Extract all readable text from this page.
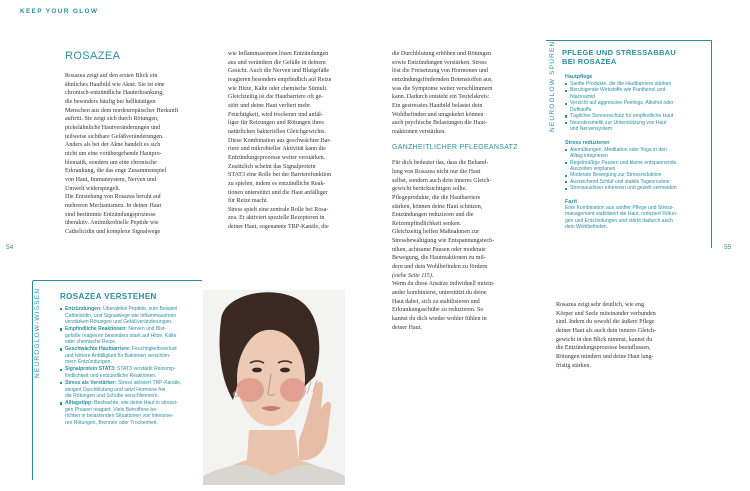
KEEP YOUR GLOW
54	55
ROSAZEA

Rosazea zeigt auf den ersten Blick ein

ähnliches Hautbild wie Akne. Sie ist eine

chronisch-entzündliche Hauterkrankung,

die besonders häufig bei hellhäutigen

Menschen aus dem nordeuropäischer Herkunft

auftritt. Sie zeigt sich durch Rötungen,

pickelähnliche Hautveränderungen und

teilweise sichtbare Gefäßveränderungen.

Anders als bei der Akne handelt es sich

nicht um eine vorübergehende Hautpro-

blematik, sondern um eine chronische

Erkrankung, die das enge Zusammenspiel

von Haut, Immunsystem, Nerven und

Umwelt widerspiegelt.

Die Entstehung von Rosazea beruht auf

mehreren Mechanismen. In deiner Haut

sind bestimmte Entzündungsprozesse

überaktiv. Antimikrobielle Peptide wie

Cathelicidin und komplexe Signalwege

wie Inflammasomen lösen Entzündungen

aus und verändern die Gefäße in deinem

Gesicht. Auch die Nerven und Blutgefäße

reagieren besonders empfindlich auf Reize

wie Hitze, Kälte oder chemische Stimuli.

Gleichzeitig ist die Hautbarriere oft ge-

stört und deine Haut verliert mehr

Feuchtigkeit, wird trockener und anfäl-

liger für Reizungen und Rötungen ihres

natürlichen bakteriellen Gleichgewichts.

Diese Kombination aus geschwächter Bar-

riere und mikrobieller Aktivität kann die

Entzündungsprozesse weiter verstärken.

Zusätzlich scheint das Signalprotein

STAT3 eine Rolle bei der Barrierefunktion

zu spielen, indem es entzündliche Reak-

tionen unterstützt und die Haut anfälliger

für Reize macht.

Stress spielt eine zentrale Rolle bei Rosa-

zea. Er aktiviert spezielle Rezeptoren in

deiner Haut, sogenannte TRP-Kanäle, die

die Durchblutung erhöhen und Rötungen

sowie Entzündungen verstärken. Stress

löst die Freisetzung von Hormonen und

entzündungsfördernden Botenstoffen aus,

was die Symptome weiter verschlimmern

kann. Dadurch entsteht ein Teufelskreis:

Ein gestresstes Hautbild belastet dein

Wohlbefinden und umgekehrt können

auch psychische Belastungen die Haut-

reaktionen verstärken.

GANZHEITLICHER PFLEGEANSATZ

Für dich bedeutet das, dass die Behand-

lung von Rosazea nicht nur die Haut

selbst, sondern auch dein inneres Gleich-

gewicht berücksichtigen sollte.

Pflegeprodukte, die die Hautbarriere

stärken, können deine Haut schützen,

Entzündungen reduzieren und die

Reizempfindlichkeit senken.

Gleichzeitig helfen Maßnahmen zur

Stressbewältigung wie Entspannungstech-

niken, achtsame Pausen oder moderate

Bewegung, die Hautreaktionen zu mil-

dern und dein Wohlbefinden zu fördern

(siehe Seite 115).

Wenn du diese Ansätze individuell mitein-

ander kombinierst, unterstützt du deine

Haut dabei, sich zu stabilisieren und

Erkrankungsschübe zu reduzieren. So

kannst du dich wieder wohler fühlen in

deiner Haut.

Rosazea zeigt sehr deutlich, wie eng

Körper und Seele miteinander verbunden

sind. Indem du sowohl die äußere Pflege

deiner Haut als auch dein inneres Gleich-

gewicht in den Blick nimmst, kannst du

die Entzündungsprozesse beeinflussen,

Rötungen mindern und deine Haut lang-

fristig stärken.

NEUROGLOW-WISSEN ROSAZEA VERSTEHEN
Entzündungen: Überaktive Peptide, zum Beispiel
Cathelicidin, und Signalwege wie Inflammasomen
verstärken Rötungen und Gefäßveränderungen.
Empfindliche Reaktionen: Nerven und Blut-
gefäße reagieren besonders stark auf Hitze, Kälte
oder chemische Reize.
Geschwächte Hautbarriere: Feuchtigkeitsverlust
und höhere Anfälligkeit für Bakterien verschlim-
mern Entzündungen.
Signalprotein STAT3: STAT3 verstärkt Reizemp-
findlichkeit und entzündliche Reaktionen.
Stress als Verstärker: Stress aktiviert TRP-Kanäle,
steigert Durchblutung und setzt Hormone frei,
die Rötungen und Schübe verschlimmern.
Alltagstipp: Beobachte, wie deine Haut in stressi-
gen Phasen reagiert. Viele Betroffene be-
richten in belastenden Situationen von intensive-
ren Rötungen, Brennen oder Trockenheit.
NEUROGLOW SPÜREN PFLEGE UND STRESSABBAU
BEI ROSAZEA
Hautpflege
Sanfte Produkte, die die Hautbarriere stärken
Beruhigende Wirkstoffe wie Panthenol und
Niacinamid
Verzicht auf aggressive Peelings, Alkohol oder
Duftstoffe
Täglicher Sonnenschutz für empfindliche Haut
Neurokosmetik zur Unterstützung von Haut
und Nervensystem
Stress reduzieren
Atemübungen, Meditation oder Yoga in den
Alltag integrieren
Regelmäßige Pausen und kleine entspannende
Auszeiten einplanen
Moderate Bewegung zur Stressreduktion
Ausreichend Schlaf und stabile Tagesroutine
Stressauslöser erkennen und gezielt vermeiden
Fazit
Eine Kombination aus sanfter Pflege und Stress-
management stabilisiert die Haut, reduziert Rötun-
gen und Entzündungen und stärkt dadurch auch
dein Wohlbefinden.
